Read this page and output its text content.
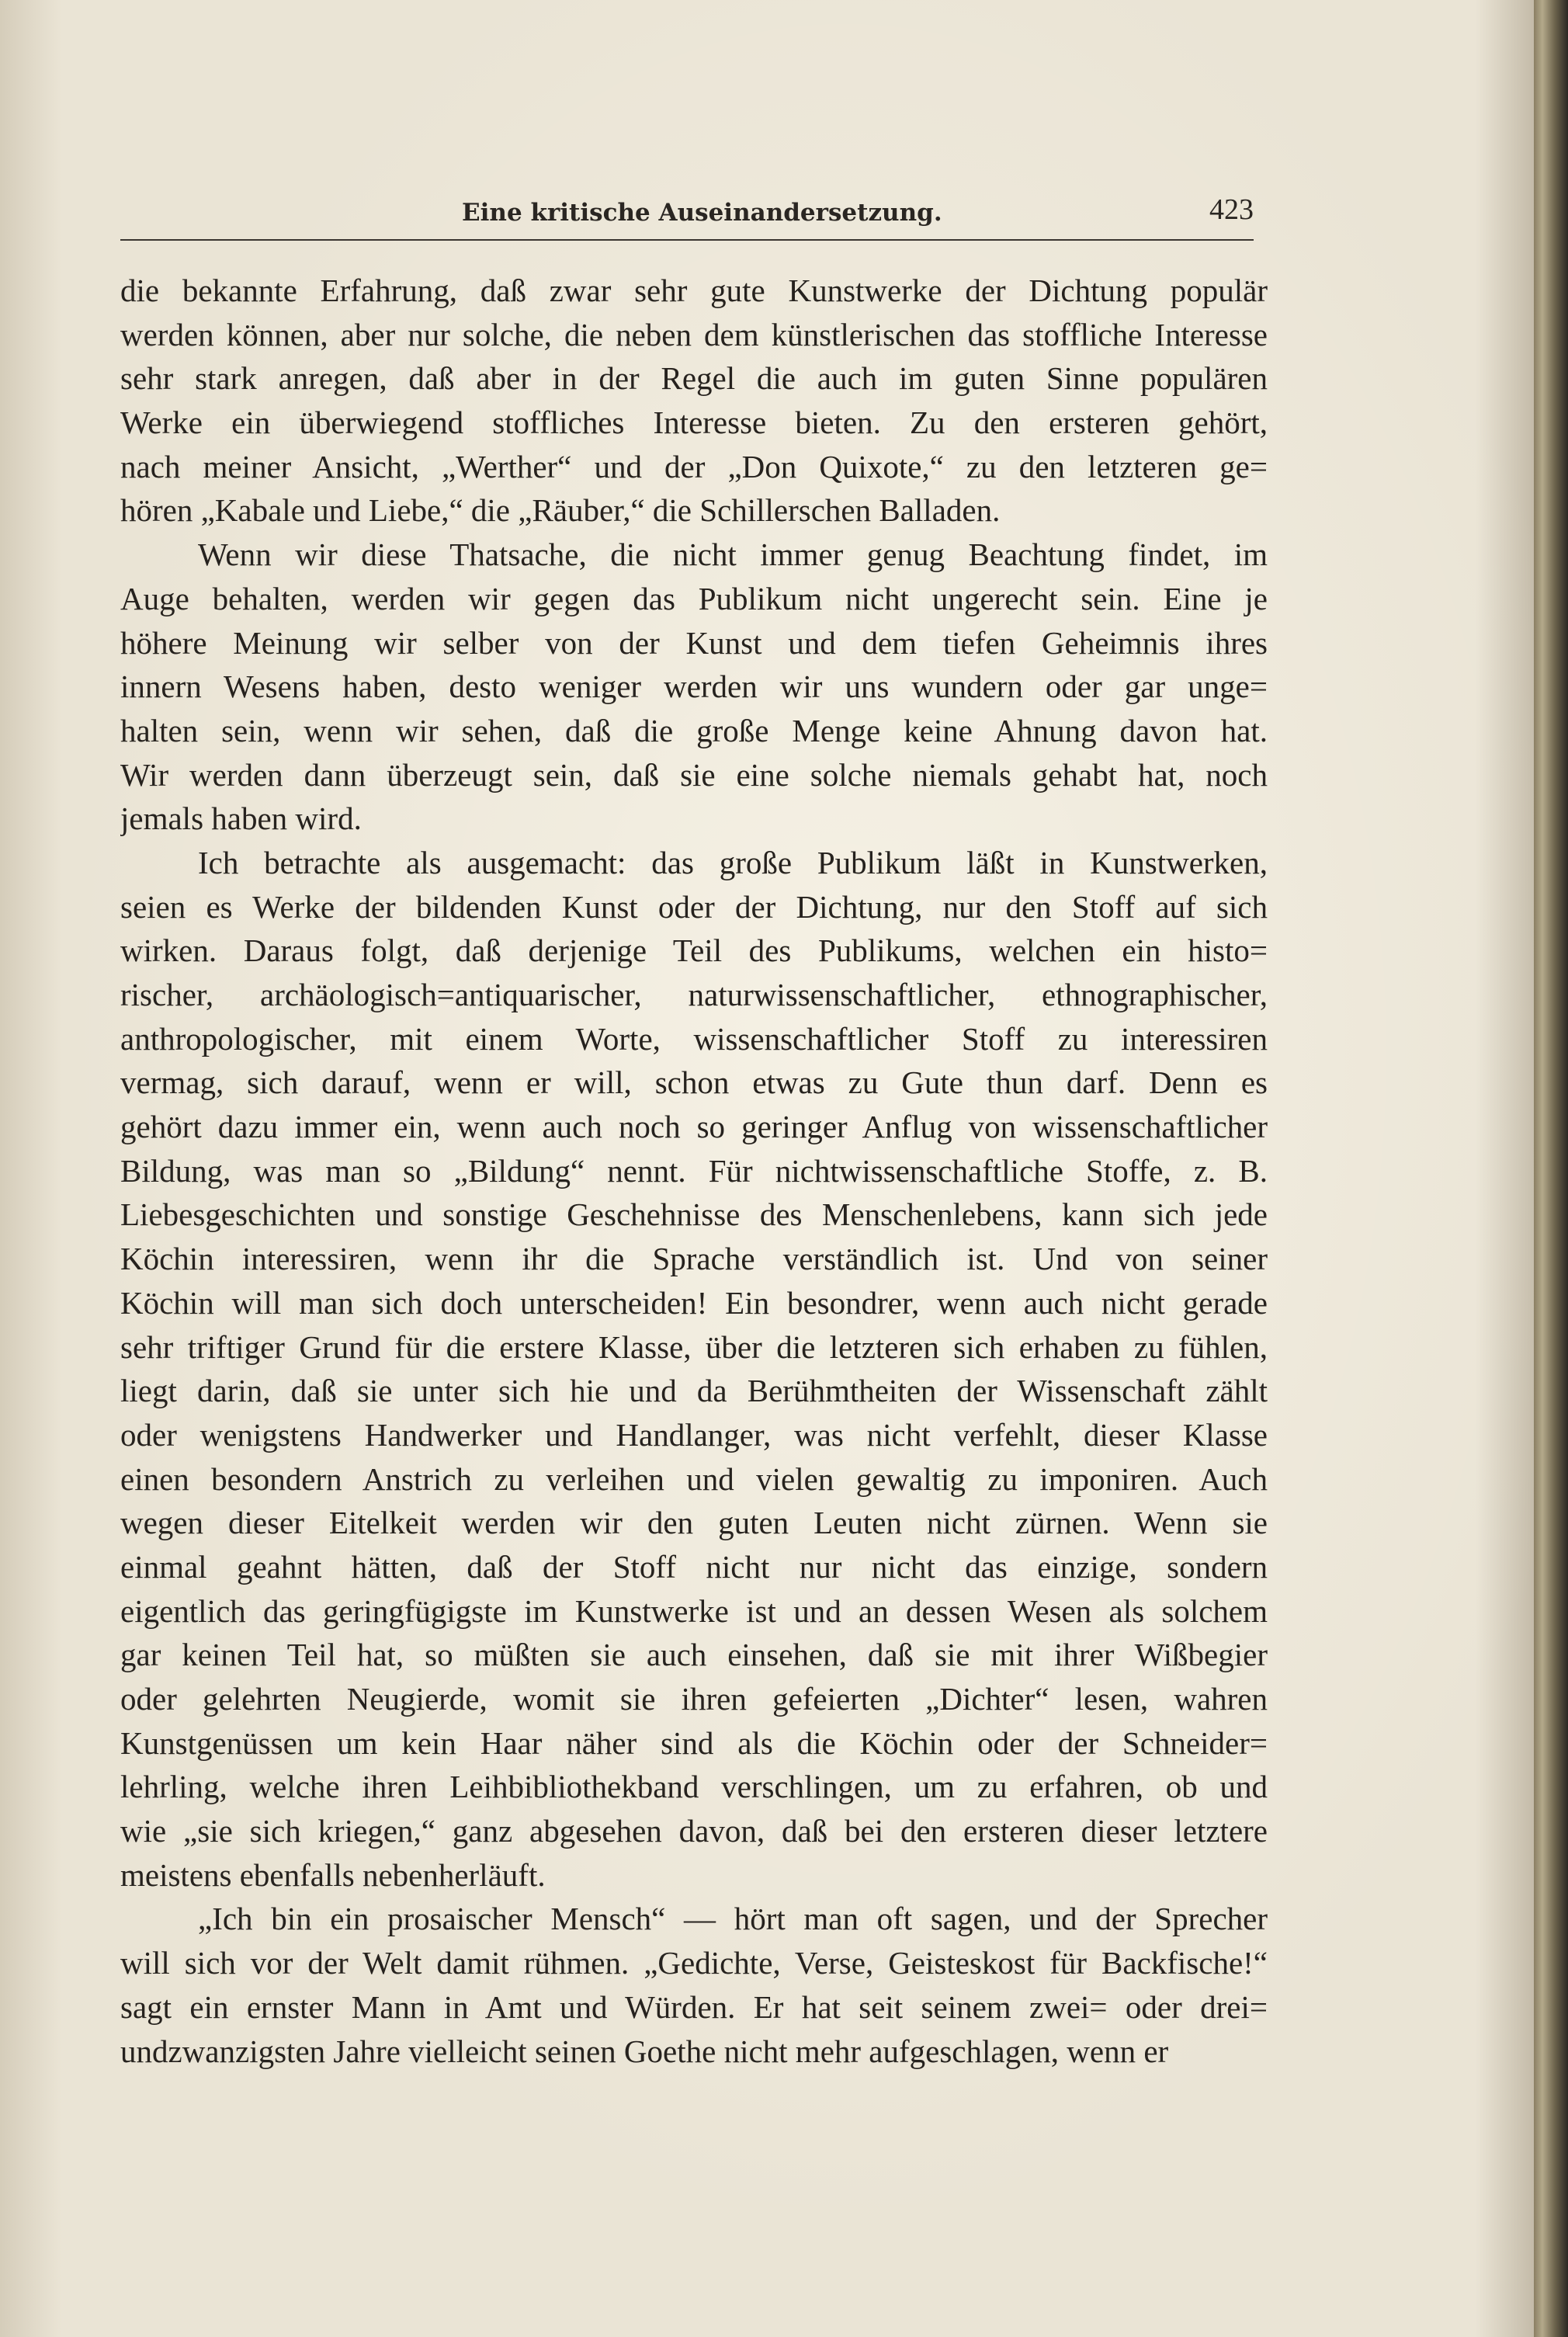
Eine kritische Auseinandersetzung.	423
die bekannte Erfahrung, daß zwar sehr gute Kunstwerke der Dichtung populär
werden können, aber nur solche, die neben dem künstlerischen das stoffliche Interesse
sehr stark anregen, daß aber in der Regel die auch im guten Sinne populären
Werke ein überwiegend stoffliches Interesse bieten. Zu den ersteren gehört,
nach meiner Ansicht, „Werther“ und der „Don Quixote,“ zu den letzteren ge=
hören „Kabale und Liebe,“ die „Räuber,“ die Schillerschen Balladen.
Wenn wir diese Thatsache, die nicht immer genug Beachtung findet, im
Auge behalten, werden wir gegen das Publikum nicht ungerecht sein. Eine je
höhere Meinung wir selber von der Kunst und dem tiefen Geheimnis ihres
innern Wesens haben, desto weniger werden wir uns wundern oder gar unge=
halten sein, wenn wir sehen, daß die große Menge keine Ahnung davon hat.
Wir werden dann überzeugt sein, daß sie eine solche niemals gehabt hat, noch
jemals haben wird.
Ich betrachte als ausgemacht: das große Publikum läßt in Kunstwerken,
seien es Werke der bildenden Kunst oder der Dichtung, nur den Stoff auf sich
wirken. Daraus folgt, daß derjenige Teil des Publikums, welchen ein histo=
rischer, archäologisch=antiquarischer, naturwissenschaftlicher, ethnographischer,
anthropologischer, mit einem Worte, wissenschaftlicher Stoff zu interessiren
vermag, sich darauf, wenn er will, schon etwas zu Gute thun darf. Denn es
gehört dazu immer ein, wenn auch noch so geringer Anflug von wissenschaftlicher
Bildung, was man so „Bildung“ nennt. Für nichtwissenschaftliche Stoffe, z. B.
Liebesgeschichten und sonstige Geschehnisse des Menschenlebens, kann sich jede
Köchin interessiren, wenn ihr die Sprache verständlich ist. Und von seiner
Köchin will man sich doch unterscheiden! Ein besondrer, wenn auch nicht gerade
sehr triftiger Grund für die erstere Klasse, über die letzteren sich erhaben zu fühlen,
liegt darin, daß sie unter sich hie und da Berühmtheiten der Wissenschaft zählt
oder wenigstens Handwerker und Handlanger, was nicht verfehlt, dieser Klasse
einen besondern Anstrich zu verleihen und vielen gewaltig zu imponiren. Auch
wegen dieser Eitelkeit werden wir den guten Leuten nicht zürnen. Wenn sie
einmal geahnt hätten, daß der Stoff nicht nur nicht das einzige, sondern
eigentlich das geringfügigste im Kunstwerke ist und an dessen Wesen als solchem
gar keinen Teil hat, so müßten sie auch einsehen, daß sie mit ihrer Wißbegier
oder gelehrten Neugierde, womit sie ihren gefeierten „Dichter“ lesen, wahren
Kunstgenüssen um kein Haar näher sind als die Köchin oder der Schneider=
lehrling, welche ihren Leihbibliothekband verschlingen, um zu erfahren, ob und
wie „sie sich kriegen,“ ganz abgesehen davon, daß bei den ersteren dieser letztere
meistens ebenfalls nebenherläuft.
„Ich bin ein prosaischer Mensch“ — hört man oft sagen, und der Sprecher
will sich vor der Welt damit rühmen. „Gedichte, Verse, Geisteskost für Backfische!“
sagt ein ernster Mann in Amt und Würden. Er hat seit seinem zwei= oder drei=
undzwanzigsten Jahre vielleicht seinen Goethe nicht mehr aufgeschlagen, wenn er
